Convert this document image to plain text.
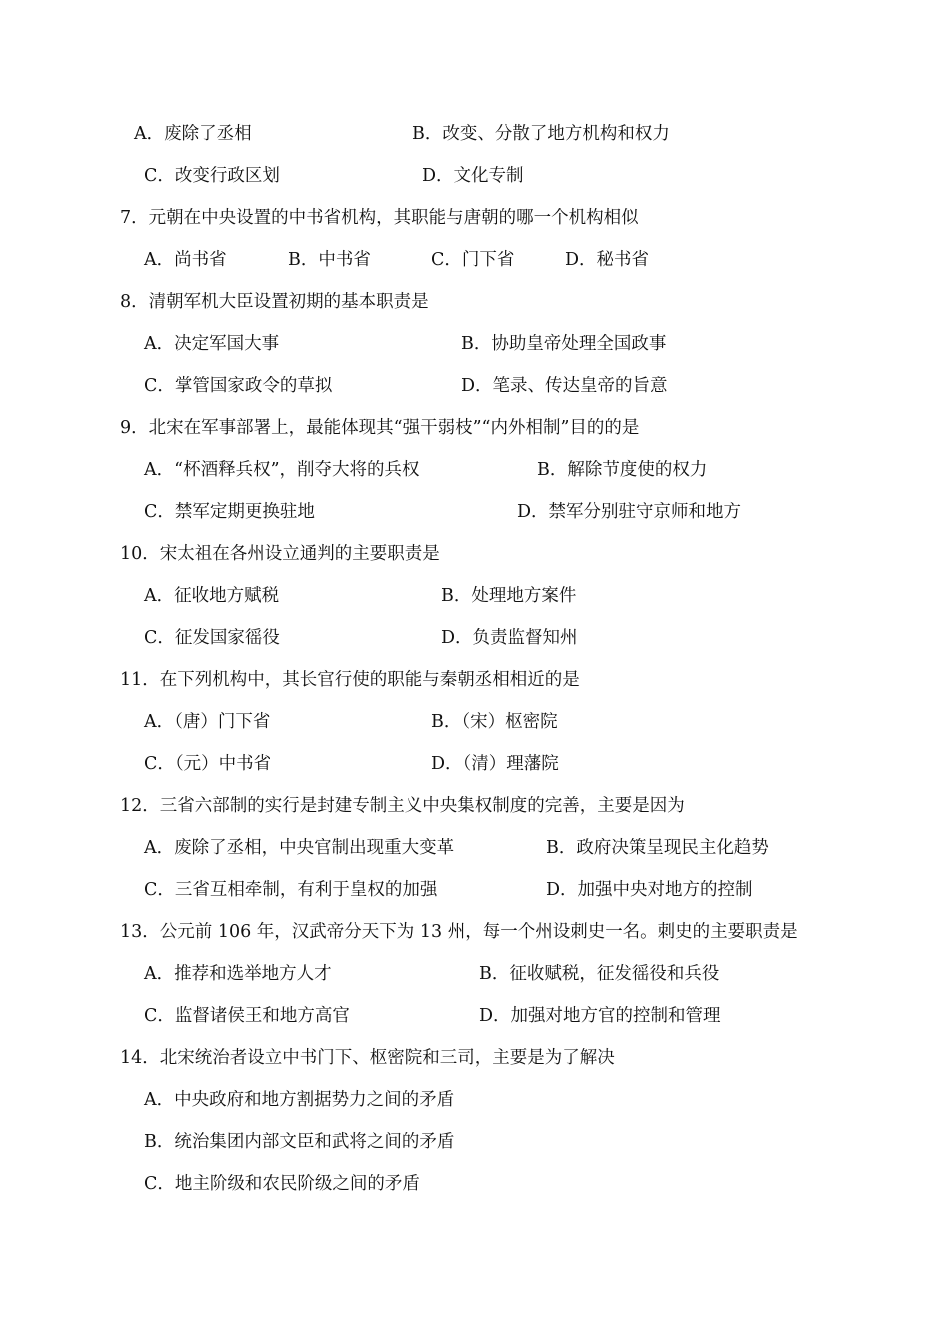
A．废除了丞相	B．改变、分散了地方机构和权力
C．改变行政区划	D．文化专制
7．元朝在中央设置的中书省机构，其职能与唐朝的哪一个机构相似
A．尚书省	B．中书省	C．门下省	D．秘书省
8．清朝军机大臣设置初期的基本职责是
A．决定军国大事	B．协助皇帝处理全国政事
C．掌管国家政令的草拟	D．笔录、传达皇帝的旨意
9．北宋在军事部署上，最能体现其“强干弱枝”“内外相制”目的的是
A．“杯酒释兵权”，削夺大将的兵权	B．解除节度使的权力
C．禁军定期更换驻地	D．禁军分别驻守京师和地方
10．宋太祖在各州设立通判的主要职责是
A．征收地方赋税	B．处理地方案件
C．征发国家徭役	D．负责监督知州
11．在下列机构中，其长官行使的职能与秦朝丞相相近的是
A．（唐）门下省	B．（宋）枢密院
C．（元）中书省	D．（清）理藩院
12．三省六部制的实行是封建专制主义中央集权制度的完善，主要是因为
A．废除了丞相，中央官制出现重大变革	B．政府决策呈现民主化趋势
C．三省互相牵制，有利于皇权的加强	D．加强中央对地方的控制
13．公元前 106 年，汉武帝分天下为 13 州，每一个州设刺史一名。刺史的主要职责是
A．推荐和选举地方人才	B．征收赋税，征发徭役和兵役
C．监督诸侯王和地方高官	D．加强对地方官的控制和管理
14．北宋统治者设立中书门下、枢密院和三司，主要是为了解决
A．中央政府和地方割据势力之间的矛盾
B．统治集团内部文臣和武将之间的矛盾
C．地主阶级和农民阶级之间的矛盾
